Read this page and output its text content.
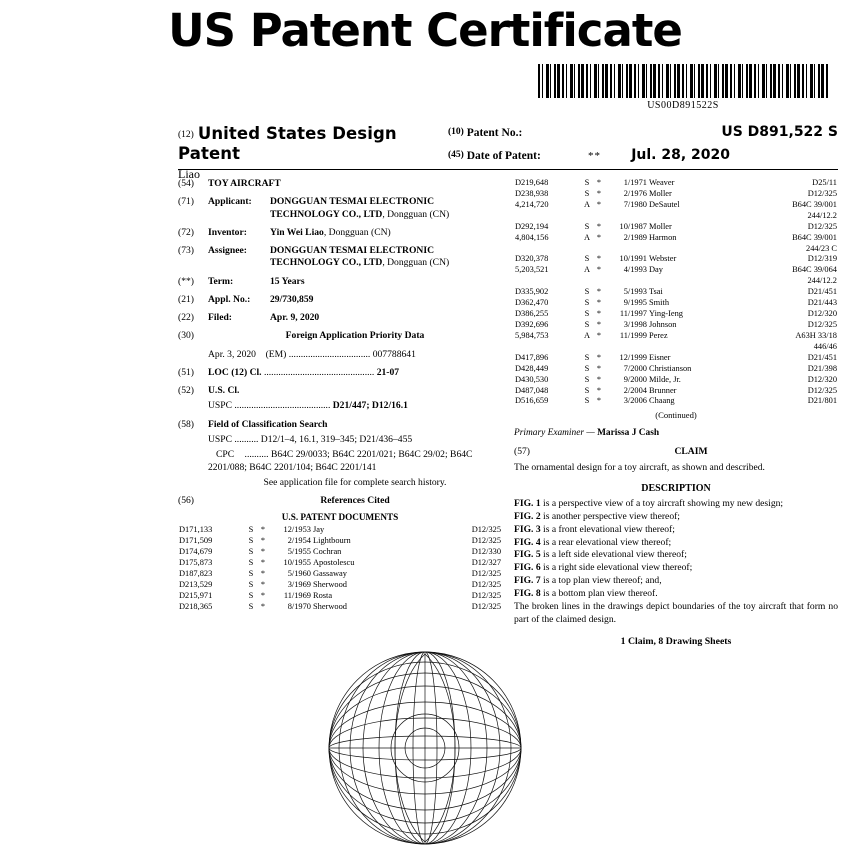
US Patent Certificate
US00D891522S
(12) United States Design Patent
Liao
(10) Patent No.:	US D891,522 S
(45) Date of Patent:	**	Jul. 28, 2020
(54)	TOY AIRCRAFT
(71)	Applicant:	DONGGUAN TESMAI ELECTRONIC TECHNOLOGY CO., LTD, Dongguan (CN)
(72)	Inventor:	Yin Wei Liao, Dongguan (CN)
(73)	Assignee:	DONGGUAN TESMAI ELECTRONIC TECHNOLOGY CO., LTD, Dongguan (CN)
(**)	Term:	15 Years
(21)	Appl. No.:	29/730,859
(22)	Filed:	Apr. 9, 2020
(30)	Foreign Application Priority Data
Apr. 3, 2020 (EM) .................................. 007788641
(51)	LOC (12) Cl. .............................................. 21-07
(52)	U.S. Cl.
USPC ........................................ D21/447; D12/16.1
(58)	Field of Classification Search
USPC .......... D12/1–4, 16.1, 319–345; D21/436–455
CPC .......... B64C 29/0033; B64C 2201/021; B64C 29/02; B64C 2201/088; B64C 2201/104; B64C 2201/141
See application file for complete search history.
(56)	References Cited
U.S. PATENT DOCUMENTS
D171,133	S	*	12/1953	Jay	D12/325
D171,509	S	*	2/1954	Lightbourn	D12/325
D174,679	S	*	5/1955	Cochran	D12/330
D175,873	S	*	10/1955	Apostolescu	D12/327
D187,823	S	*	5/1960	Gassaway	D12/325
D213,529	S	*	3/1969	Sherwood	D12/325
D215,971	S	*	11/1969	Rosta	D12/325
D218,365	S	*	8/1970	Sherwood	D12/325
D219,648	S	*	1/1971	Weaver	D25/11
D238,938	S	*	2/1976	Moller	D12/325
4,214,720	A	*	7/1980	DeSautel	B64C 39/001
					244/12.2
D292,194	S	*	10/1987	Moller	D12/325
4,804,156	A	*	2/1989	Harmon	B64C 39/001
					244/23 C
D320,378	S	*	10/1991	Webster	D12/319
5,203,521	A	*	4/1993	Day	B64C 39/064
					244/12.2
D335,902	S	*	5/1993	Tsai	D21/451
D362,470	S	*	9/1995	Smith	D21/443
D386,255	S	*	11/1997	Ying-Ieng	D12/320
D392,696	S	*	3/1998	Johnson	D12/325
5,984,753	A	*	11/1999	Perez	A63H 33/18
					446/46
D417,896	S	*	12/1999	Eisner	D21/451
D428,449	S	*	7/2000	Christianson	D21/398
D430,530	S	*	9/2000	Milde, Jr.	D12/320
D487,048	S	*	2/2004	Brunner	D12/325
D516,659	S	*	3/2006	Chaang	D21/801
(Continued)
Primary Examiner — Marissa J Cash
(57)	CLAIM
The ornamental design for a toy aircraft, as shown and described.
DESCRIPTION
FIG. 1 is a perspective view of a toy aircraft showing my new design;
FIG. 2 is another perspective view thereof;
FIG. 3 is a front elevational view thereof;
FIG. 4 is a rear elevational view thereof;
FIG. 5 is a left side elevational view thereof;
FIG. 6 is a right side elevational view thereof;
FIG. 7 is a top plan view thereof; and,
FIG. 8 is a bottom plan view thereof.
The broken lines in the drawings depict boundaries of the toy aircraft that form no part of the claimed design.
1 Claim, 8 Drawing Sheets
